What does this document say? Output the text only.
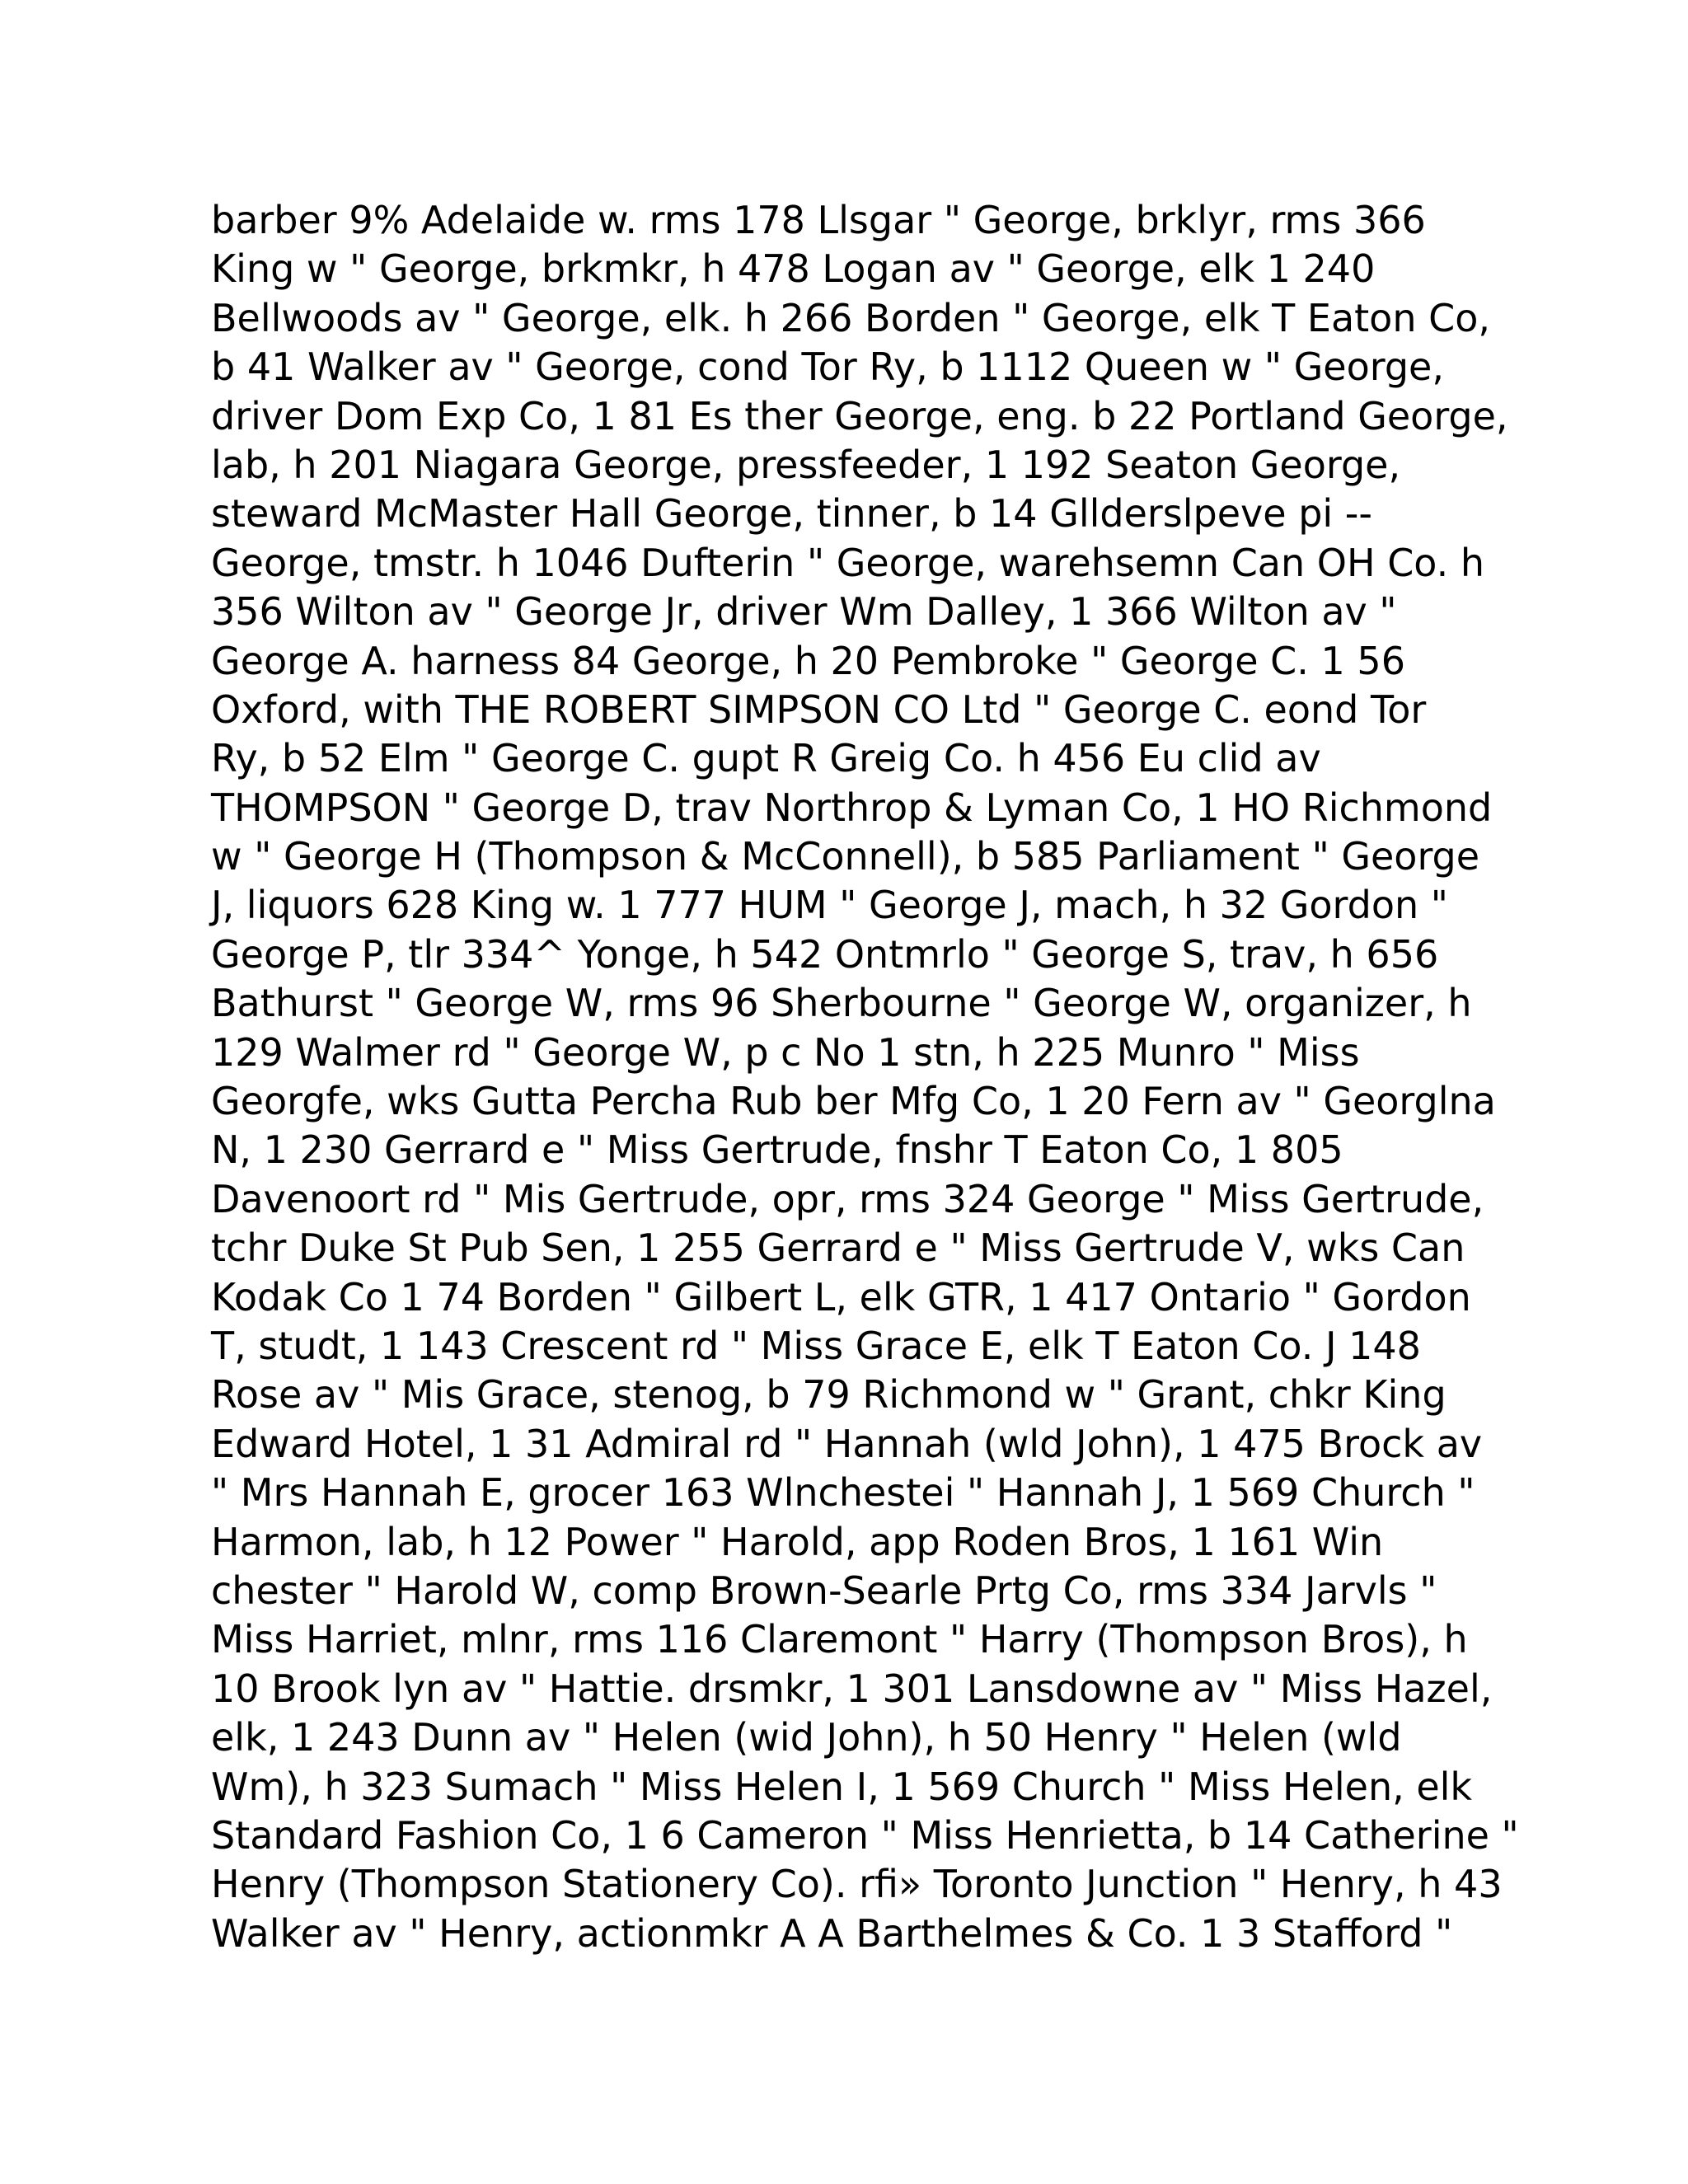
barber 9% Adelaide w. rms 178 Llsgar " George, brklyr, rms 366
King w " George, brkmkr, h 478 Logan av " George, elk 1 240
Bellwoods av " George, elk. h 266 Borden " George, elk T Eaton Co,
b 41 Walker av " George, cond Tor Ry, b 1112 Queen w " George,
driver Dom Exp Co, 1 81 Es ther George, eng. b 22 Portland George,
lab, h 201 Niagara George, pressfeeder, 1 192 Seaton George,
steward McMaster Hall George, tinner, b 14 Gllderslpeve pi --
George, tmstr. h 1046 Dufterin " George, warehsemn Can OH Co. h
356 Wilton av " George Jr, driver Wm Dalley, 1 366 Wilton av "
George A. harness 84 George, h 20 Pembroke " George C. 1 56
Oxford, with THE ROBERT SIMPSON CO Ltd " George C. eond Tor
Ry, b 52 Elm " George C. gupt R Greig Co. h 456 Eu clid av
THOMPSON " George D, trav Northrop & Lyman Co, 1 HO Richmond
w " George H (Thompson & McConnell), b 585 Parliament " George
J, liquors 628 King w. 1 777 HUM " George J, mach, h 32 Gordon "
George P, tlr 334^ Yonge, h 542 Ontmrlo " George S, trav, h 656
Bathurst " George W, rms 96 Sherbourne " George W, organizer, h
129 Walmer rd " George W, p c No 1 stn, h 225 Munro " Miss
Georgfe, wks Gutta Percha Rub ber Mfg Co, 1 20 Fern av " Georglna
N, 1 230 Gerrard e " Miss Gertrude, fnshr T Eaton Co, 1 805
Davenoort rd " Mis Gertrude, opr, rms 324 George " Miss Gertrude,
tchr Duke St Pub Sen, 1 255 Gerrard e " Miss Gertrude V, wks Can
Kodak Co 1 74 Borden " Gilbert L, elk GTR, 1 417 Ontario " Gordon
T, studt, 1 143 Crescent rd " Miss Grace E, elk T Eaton Co. J 148
Rose av " Mis Grace, stenog, b 79 Richmond w " Grant, chkr King
Edward Hotel, 1 31 Admiral rd " Hannah (wld John), 1 475 Brock av
" Mrs Hannah E, grocer 163 Wlnchestei " Hannah J, 1 569 Church "
Harmon, lab, h 12 Power " Harold, app Roden Bros, 1 161 Win
chester " Harold W, comp Brown-Searle Prtg Co, rms 334 Jarvls "
Miss Harriet, mlnr, rms 116 Claremont " Harry (Thompson Bros), h
10 Brook lyn av " Hattie. drsmkr, 1 301 Lansdowne av " Miss Hazel,
elk, 1 243 Dunn av " Helen (wid John), h 50 Henry " Helen (wld
Wm), h 323 Sumach " Miss Helen I, 1 569 Church " Miss Helen, elk
Standard Fashion Co, 1 6 Cameron " Miss Henrietta, b 14 Catherine "
Henry (Thompson Stationery Co). rfi» Toronto Junction " Henry, h 43
Walker av " Henry, actionmkr A A Barthelmes & Co. 1 3 Stafford "
